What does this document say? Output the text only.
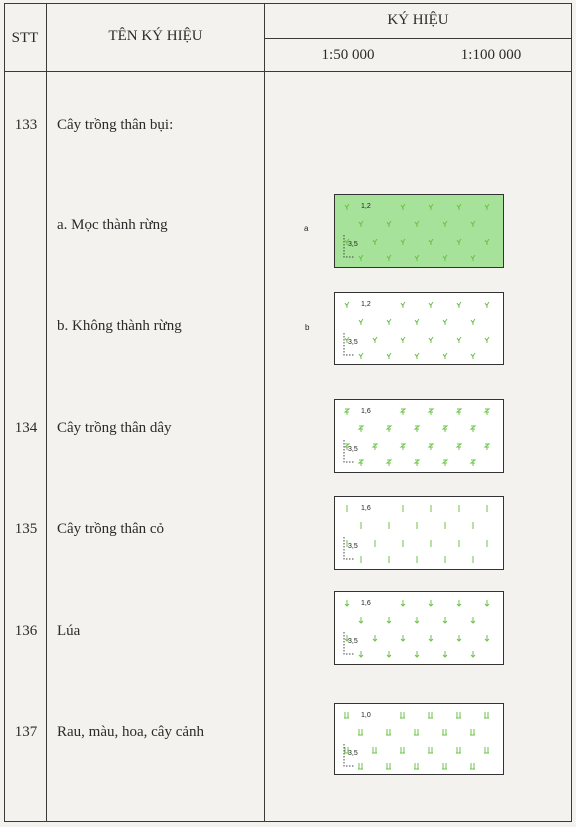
STT	TÊN KÝ HIỆU
KÝ HIỆU
1:50 000	1:100 000
133	Cây trồng thân bụi:
a. Mọc thành rừng	a
1,2
3,5
b. Không thành rừng	b
1,2
3,5
134	Cây trồng thân dây
1,6
3,5
135	Cây trồng thân cỏ
1,6
3,5
136	Lúa
1,6
3,5
137	Rau, màu, hoa, cây cảnh
1,0
3,5
